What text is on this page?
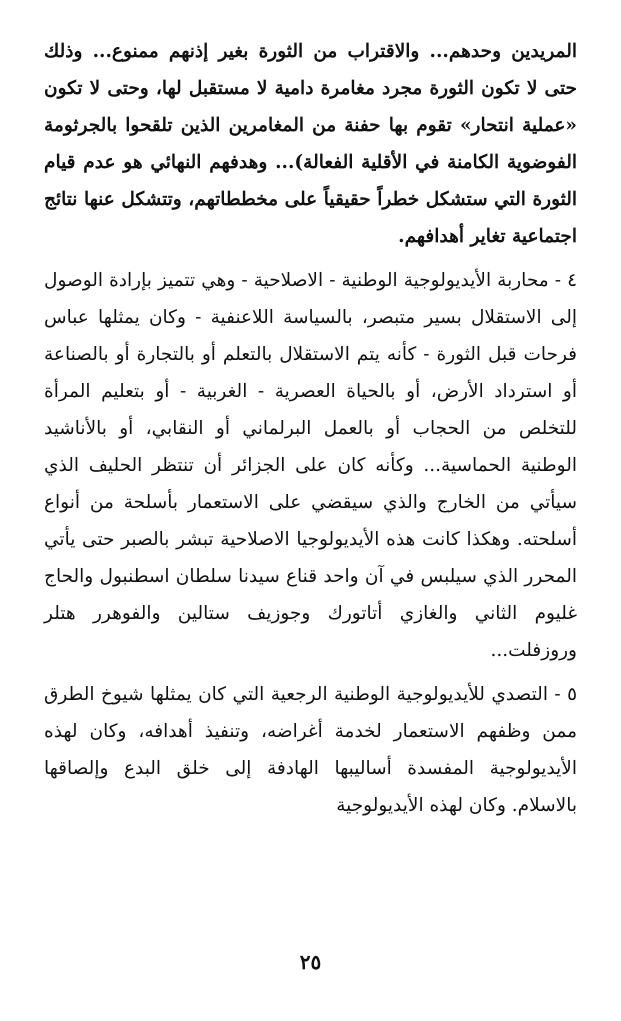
المريدين وحدهم... والاقتراب من الثورة بغير إذنهم ممنوع... وذلك حتى لا تكون الثورة مجرد مغامرة دامية لا مستقبل لها، وحتى لا تكون «عملية انتحار» تقوم بها حفنة من المغامرين الذين تلقحوا بالجرثومة الفوضوية الكامنة في الأقلية الفعالة)... وهدفهم النهائي هو عدم قيام الثورة التي ستشكل خطراً حقيقياً على مخططاتهم، وتتشكل عنها نتائج اجتماعية تغاير أهدافهم.

٤ - محاربة الأيديولوجية الوطنية - الاصلاحية - وهي تتميز بإرادة الوصول إلى الاستقلال بسير متبصر، بالسياسة اللاعنفية - وكان يمثلها عباس فرحات قبل الثورة - كأنه يتم الاستقلال بالتعلم أو بالتجارة أو بالصناعة أو استرداد الأرض، أو بالحياة العصرية - الغربية - أو بتعليم المرأة للتخلص من الحجاب أو بالعمل البرلماني أو النقابي، أو بالأناشيد الوطنية الحماسية... وكأنه كان على الجزائر أن تنتظر الحليف الذي سيأتي من الخارج والذي سيقضي على الاستعمار بأسلحة من أنواع أسلحته. وهكذا كانت هذه الأيديولوجيا الاصلاحية تبشر بالصبر حتى يأتي المحرر الذي سيلبس في آن واحد قناع سيدنا سلطان اسطنبول والحاج غليوم الثاني والغازي أتاتورك وجوزيف ستالين والفوهرر هتلر وروزفلت...

٥ - التصدي للأيديولوجية الوطنية الرجعية التي كان يمثلها شيوخ الطرق ممن وظفهم الاستعمار لخدمة أغراضه، وتنفيذ أهدافه، وكان لهذه الأيديولوجية المفسدة أساليبها الهادفة إلى خلق البدع وإلصاقها بالاسلام. وكان لهذه الأيديولوجية

٢٥
